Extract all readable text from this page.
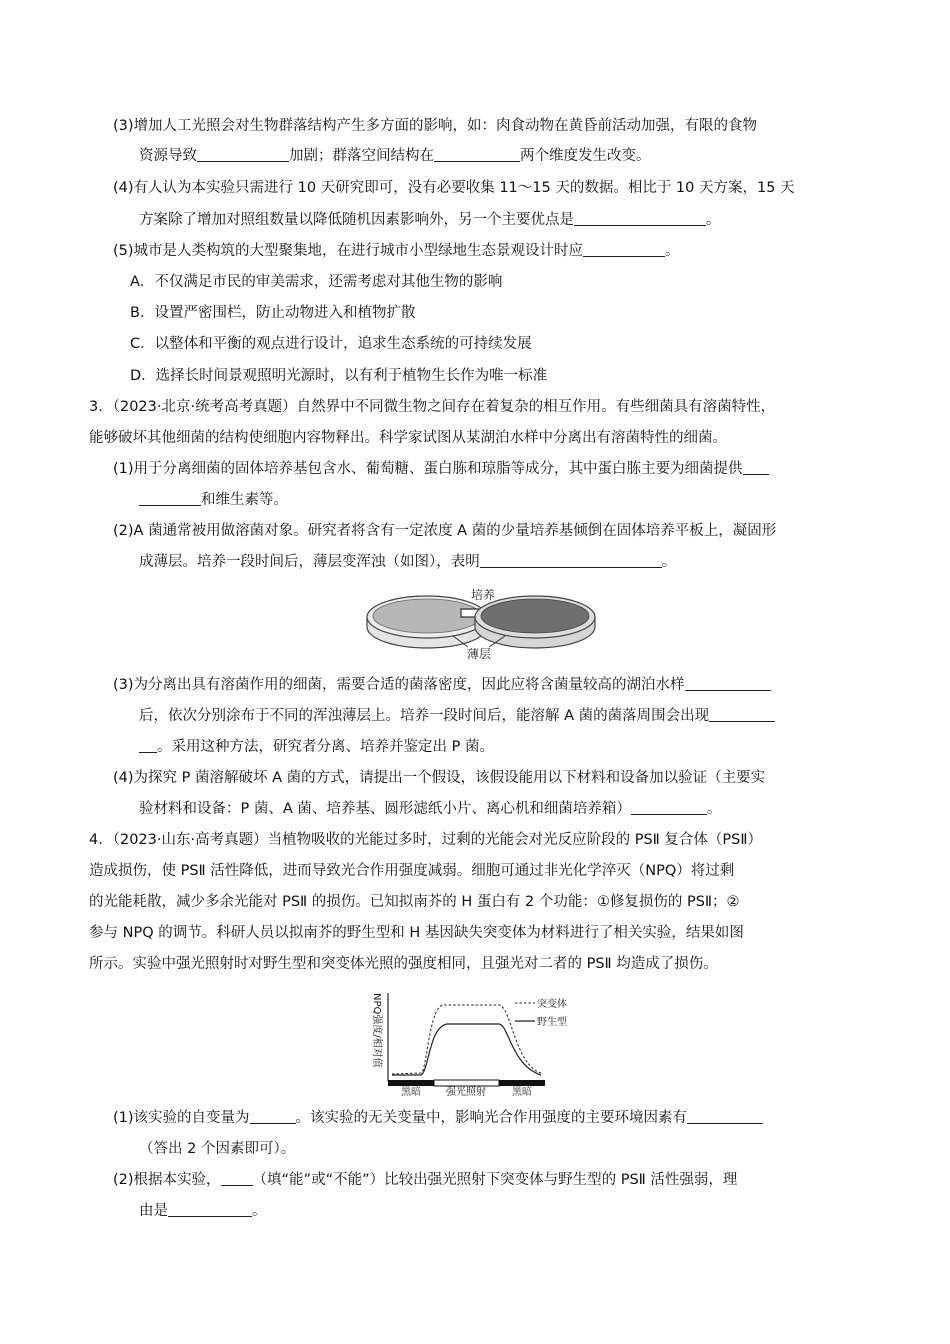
(3)增加人工光照会对生物群落结构产生多方面的影响，如：肉食动物在黄昏前活动加强，有限的食物
资源导致	加剧；群落空间结构在	两个维度发生改变。
(4)有人认为本实验只需进行 10 天研究即可，没有必要收集 11～15 天的数据。相比于 10 天方案，15 天
方案除了增加对照组数量以降低随机因素影响外，另一个主要优点是	。
(5)城市是人类构筑的大型聚集地，在进行城市小型绿地生态景观设计时应	。
A．不仅满足市民的审美需求，还需考虑对其他生物的影响
B．设置严密围栏，防止动物进入和植物扩散
C．以整体和平衡的观点进行设计，追求生态系统的可持续发展
D．选择长时间景观照明光源时，以有利于植物生长作为唯一标准
3．（2023·北京·统考高考真题）自然界中不同微生物之间存在着复杂的相互作用。有些细菌具有溶菌特性，
能够破坏其他细菌的结构使细胞内容物释出。科学家试图从某湖泊水样中分离出有溶菌特性的细菌。
(1)用于分离细菌的固体培养基包含水、葡萄糖、蛋白胨和琼脂等成分，其中蛋白胨主要为细菌提供
和维生素等。
(2)A 菌通常被用做溶菌对象。研究者将含有一定浓度 A 菌的少量培养基倾倒在固体培养平板上，凝固形
成薄层。培养一段时间后，薄层变浑浊（如图），表明	。
培养
薄层
(3)为分离出具有溶菌作用的细菌，需要合适的菌落密度，因此应将含菌量较高的湖泊水样
后，依次分别涂布于不同的浑浊薄层上。培养一段时间后，能溶解 A 菌的菌落周围会出现
。采用这种方法，研究者分离、培养并鉴定出 P 菌。
(4)为探究 P 菌溶解破坏 A 菌的方式，请提出一个假设，该假设能用以下材料和设备加以验证（主要实
验材料和设备：P 菌、A 菌、培养基、圆形滤纸小片、离心机和细菌培养箱）	。
4．（2023·山东·高考真题）当植物吸收的光能过多时，过剩的光能会对光反应阶段的 PSⅡ 复合体（PSⅡ）
造成损伤，使 PSⅡ 活性降低，进而导致光合作用强度减弱。细胞可通过非光化学淬灭（NPQ）将过剩
的光能耗散，减少多余光能对 PSⅡ 的损伤。已知拟南芥的 H 蛋白有 2 个功能：①修复损伤的 PSⅡ；②
参与 NPQ 的调节。科研人员以拟南芥的野生型和 H 基因缺失突变体为材料进行了相关实验，结果如图
所示。实验中强光照射时对野生型和突变体光照的强度相同，且强光对二者的 PSⅡ 均造成了损伤。
NPQ强度/相对值
黑暗	强光照射	黑暗
突变体
野生型
(1)该实验的自变量为	。该实验的无关变量中，影响光合作用强度的主要环境因素有
（答出 2 个因素即可）。
(2)根据本实验， （填“能”或“不能”）比较出强光照射下突变体与野生型的 PSⅡ 活性强弱，理
由是	。
